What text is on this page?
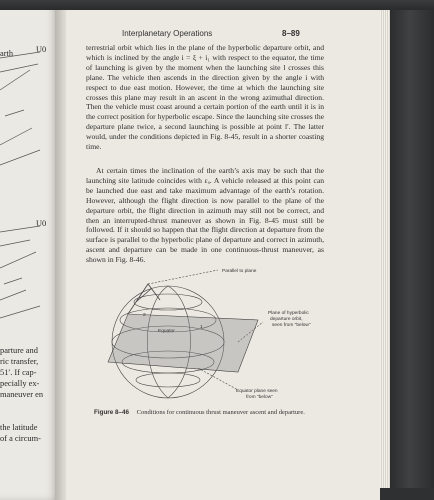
arth	U0
U0
parture and
ric transfer,
51′. If cap-
pecially ex-
maneuver en
the latitude
of a circum-
Interplanetary Operations	8–89

terrestrial orbit which lies in the plane of the hyperbolic departure orbit, and which is inclined by the angle i = ξ + i₁ with respect to the equator, the time of launching is given by the moment when the launching site l crosses this plane. The vehicle then ascends in the direction given by the angle i with respect to due east motion. However, the time at which the launching site crosses this plane may result in an ascent in the wrong azimuthal direction. Then the vehicle must coast around a certain portion of the earth until it is in the correct position for hyperbolic escape. Since the launching site crosses the departure plane twice, a second launching is possible at point l′. The latter would, under the conditions depicted in Fig. 8-45, result in a shorter coasting time.

At certain times the inclination of the earth’s axis may be such that the launching site latitude coincides with εₐ. A vehicle released at this point can be launched due east and take maximum advantage of the earth’s rotation. However, although the flight direction is now parallel to the plane of the departure orbit, the flight direction in azimuth may still not be correct, and then an interrupted-thrust maneuver as shown in Fig. 8-45 must still be followed. If it should so happen that the flight direction at departure from the surface is parallel to the hyperbolic plane of departure and correct in azimuth, ascent and departure can be made in one continuous-thrust maneuver, as shown in Fig. 8-46.

Parallel to plane
Plane of hyperbolic departure orbit, seen from "below"
Equator
Equator plane seen from "below"
2
1
Figure 8–46 Conditions for continuous thrust maneuver ascent and departure.
